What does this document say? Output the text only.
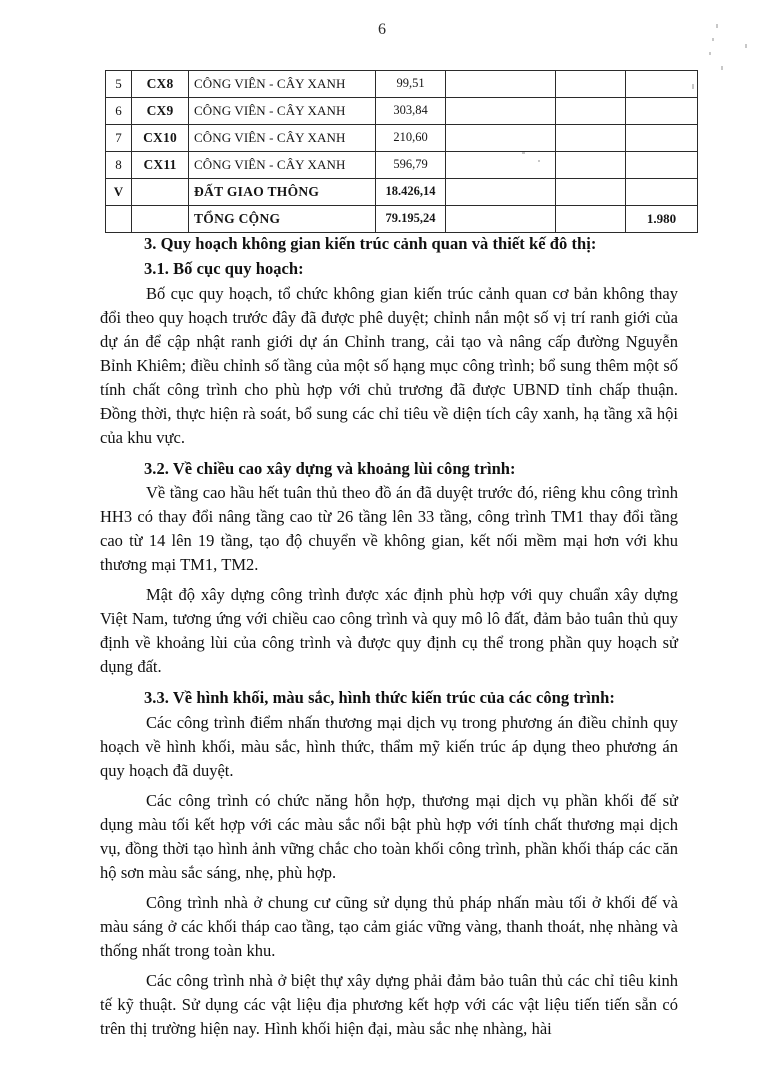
6
5	CX8	CÔNG VIÊN - CÂY XANH	99,51			
6	CX9	CÔNG VIÊN - CÂY XANH	303,84			
7	CX10	CÔNG VIÊN - CÂY XANH	210,60			
8	CX11	CÔNG VIÊN - CÂY XANH	596,79			
V		ĐẤT GIAO THÔNG	18.426,14			
		TỔNG CỘNG	79.195,24			1.980
3. Quy hoạch không gian kiến trúc cảnh quan và thiết kế đô thị:
3.1. Bố cục quy hoạch:

Bố cục quy hoạch, tổ chức không gian kiến trúc cảnh quan cơ bản không thay đổi theo quy hoạch trước đây đã được phê duyệt; chỉnh nắn một số vị trí ranh giới của dự án để cập nhật ranh giới dự án Chỉnh trang, cải tạo và nâng cấp đường Nguyễn Bỉnh Khiêm; điều chỉnh số tầng của một số hạng mục công trình; bổ sung thêm một số tính chất công trình cho phù hợp với chủ trương đã được UBND tỉnh chấp thuận. Đồng thời, thực hiện rà soát, bổ sung các chỉ tiêu về diện tích cây xanh, hạ tầng xã hội của khu vực.

3.2. Về chiều cao xây dựng và khoảng lùi công trình:

Về tầng cao hầu hết tuân thủ theo đồ án đã duyệt trước đó, riêng khu công trình HH3 có thay đổi nâng tầng cao từ 26 tầng lên 33 tầng, công trình TM1 thay đổi tầng cao từ 14 lên 19 tầng, tạo độ chuyển về không gian, kết nối mềm mại hơn với khu thương mại TM1, TM2.

Mật độ xây dựng công trình được xác định phù hợp với quy chuẩn xây dựng Việt Nam, tương ứng với chiều cao công trình và quy mô lô đất, đảm bảo tuân thủ quy định về khoảng lùi của công trình và được quy định cụ thể trong phần quy hoạch sử dụng đất.

3.3. Về hình khối, màu sắc, hình thức kiến trúc của các công trình:

Các công trình điểm nhấn thương mại dịch vụ trong phương án điều chỉnh quy hoạch về hình khối, màu sắc, hình thức, thẩm mỹ kiến trúc áp dụng theo phương án quy hoạch đã duyệt.

Các công trình có chức năng hỗn hợp, thương mại dịch vụ phần khối đế sử dụng màu tối kết hợp với các màu sắc nổi bật phù hợp với tính chất thương mại dịch vụ, đồng thời tạo hình ảnh vững chắc cho toàn khối công trình, phần khối tháp các căn hộ sơn màu sắc sáng, nhẹ, phù hợp.

Công trình nhà ở chung cư cũng sử dụng thủ pháp nhấn màu tối ở khối đế và màu sáng ở các khối tháp cao tầng, tạo cảm giác vững vàng, thanh thoát, nhẹ nhàng và thống nhất trong toàn khu.

Các công trình nhà ở biệt thự xây dựng phải đảm bảo tuân thủ các chỉ tiêu kinh tế kỹ thuật. Sử dụng các vật liệu địa phương kết hợp với các vật liệu tiến tiến sẵn có trên thị trường hiện nay. Hình khối hiện đại, màu sắc nhẹ nhàng, hài
